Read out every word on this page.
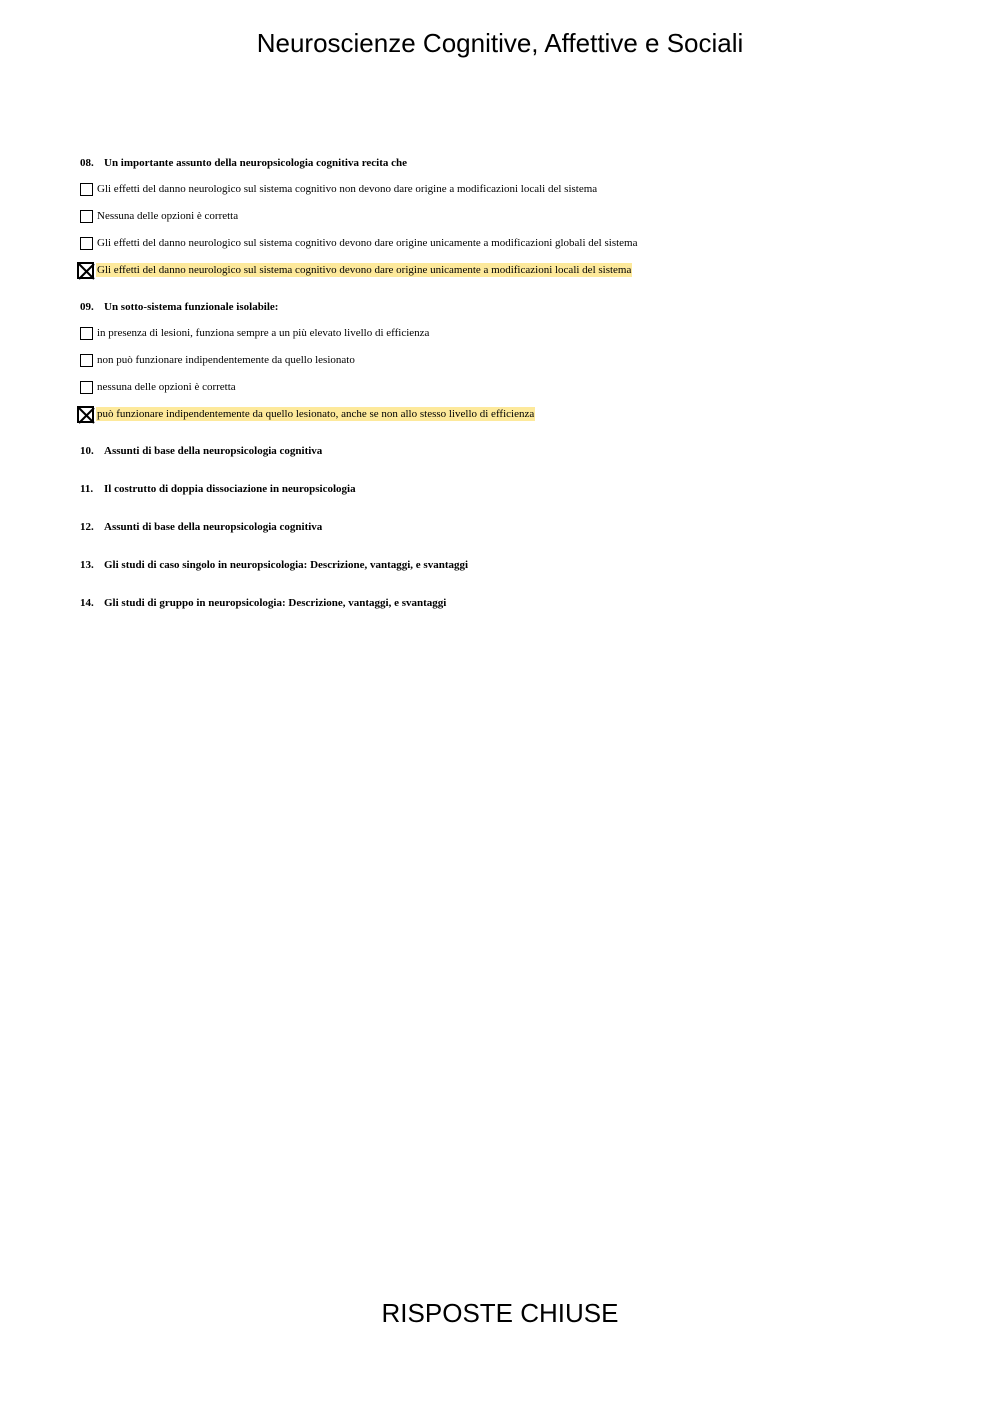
Neuroscienze Cognitive, Affettive e Sociali
08. Un importante assunto della neuropsicologia cognitiva recita che
Gli effetti del danno neurologico sul sistema cognitivo non devono dare origine a modificazioni locali del sistema
Nessuna delle opzioni è corretta
Gli effetti del danno neurologico sul sistema cognitivo devono dare origine unicamente a modificazioni globali del sistema
Gli effetti del danno neurologico sul sistema cognitivo devono dare origine unicamente a modificazioni locali del sistema
09. Un sotto-sistema funzionale isolabile:
in presenza di lesioni, funziona sempre a un più elevato livello di efficienza
non può funzionare indipendentemente da quello lesionato
nessuna delle opzioni è corretta
può funzionare indipendentemente da quello lesionato, anche se non allo stesso livello di efficienza
10. Assunti di base della neuropsicologia cognitiva
11. Il costrutto di doppia dissociazione in neuropsicologia
12. Assunti di base della neuropsicologia cognitiva
13. Gli studi di caso singolo in neuropsicologia: Descrizione, vantaggi, e svantaggi
14. Gli studi di gruppo in neuropsicologia: Descrizione, vantaggi, e svantaggi
RISPOSTE CHIUSE
